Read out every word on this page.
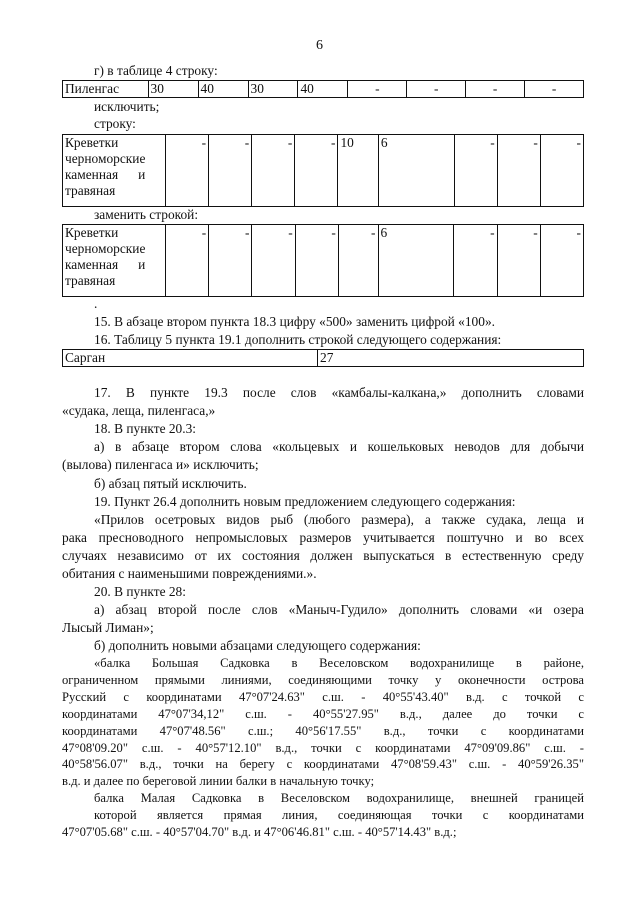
6
г) в таблице 4 строку:
Пиленгас	30	40	30	40	-	-	-	-
исключить;
строку:
Креветки
черноморские
каменная      и
травяная
	-	-	-	-	10	6	-	-	-
заменить строкой:
Креветки
черноморские
каменная      и
травяная
	-	-	-	-	-	6	-	-	-
.
15. В абзаце втором пункта 18.3 цифру «500» заменить цифрой «100».
16. Таблицу 5 пункта 19.1 дополнить строкой следующего содержания:
Сарган	27
17. В пункте 19.3 после слов «камбалы-калкана,» дополнить словами
«судака, леща, пиленгаса,»
18. В пункте 20.3:
а) в абзаце втором слова «кольцевых и кошельковых неводов для добычи
(вылова) пиленгаса и» исключить;
б) абзац пятый исключить.
19. Пункт 26.4 дополнить новым предложением следующего содержания:
«Прилов осетровых видов рыб (любого размера), а также судака, леща и
рака пресноводного непромысловых размеров учитывается поштучно и во всех
случаях независимо от их состояния должен выпускаться в естественную среду
обитания с наименьшими повреждениями.».
20. В пункте 28:
а) абзац второй после слов «Маныч-Гудило» дополнить словами «и озера
Лысый Лиман»;
б) дополнить новыми абзацами следующего содержания:
«балка Большая Садковка в Веселовском водохранилище в районе,
ограниченном прямыми линиями, соединяющими точку у оконечности острова
Русский с координатами 47°07'24.63" с.ш. - 40°55'43.40" в.д. с точкой с
координатами 47°07'34,12" с.ш. - 40°55'27.95" в.д., далее до точки с
координатами 47°07'48.56" с.ш.; 40°56'17.55" в.д., точки с координатами
47°08'09.20" с.ш. - 40°57'12.10" в.д., точки с координатами 47°09'09.86" с.ш. -
40°58'56.07" в.д., точки на берегу с координатами 47°08'59.43" с.ш. - 40°59'26.35"
в.д. и далее по береговой линии балки в начальную точку;
балка Малая Садковка в Веселовском водохранилище, внешней границей
которой является прямая линия, соединяющая точки с координатами
47°07'05.68" с.ш. - 40°57'04.70" в.д. и 47°06'46.81" с.ш. - 40°57'14.43" в.д.;
